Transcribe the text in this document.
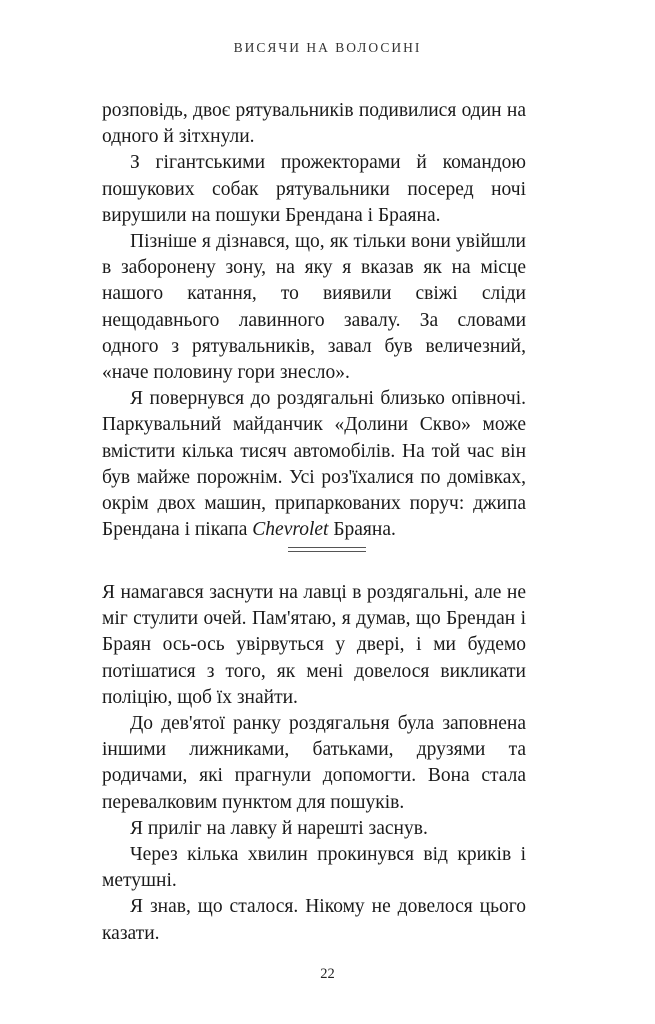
ВИСЯЧИ НА ВОЛОСИНІ

розповідь, двоє рятувальників подивилися один на одного й зітхнули.

З гігантськими прожекторами й командою пошукових собак рятувальники посеред ночі вирушили на пошуки Брендана і Браяна.

Пізніше я дізнався, що, як тільки вони увійшли в заборонену зону, на яку я вказав як на місце нашого катання, то виявили свіжі сліди нещодавнього лавинного завалу. За словами одного з рятувальників, завал був величезний, «наче половину гори знесло».

Я повернувся до роздягальні близько опівночі. Паркувальний майданчик «Долини Скво» може вмістити кілька тисяч автомобілів. На той час він був майже порожнім. Усі роз'їхалися по домівках, окрім двох машин, припаркованих поруч: джипа Брендана і пікапа Chevrolet Браяна.

Я намагався заснути на лавці в роздягальні, але не міг стулити очей. Пам'ятаю, я думав, що Брендан і Браян ось-ось увірвуться у двері, і ми будемо потішатися з того, як мені довелося викликати поліцію, щоб їх знайти.

До дев'ятої ранку роздягальня була заповнена іншими лижниками, батьками, друзями та родичами, які прагнули допомогти. Вона стала перевалковим пунктом для пошуків.

Я приліг на лавку й нарешті заснув.

Через кілька хвилин прокинувся від криків і метушні.

Я знав, що сталося. Нікому не довелося цього казати.

22
